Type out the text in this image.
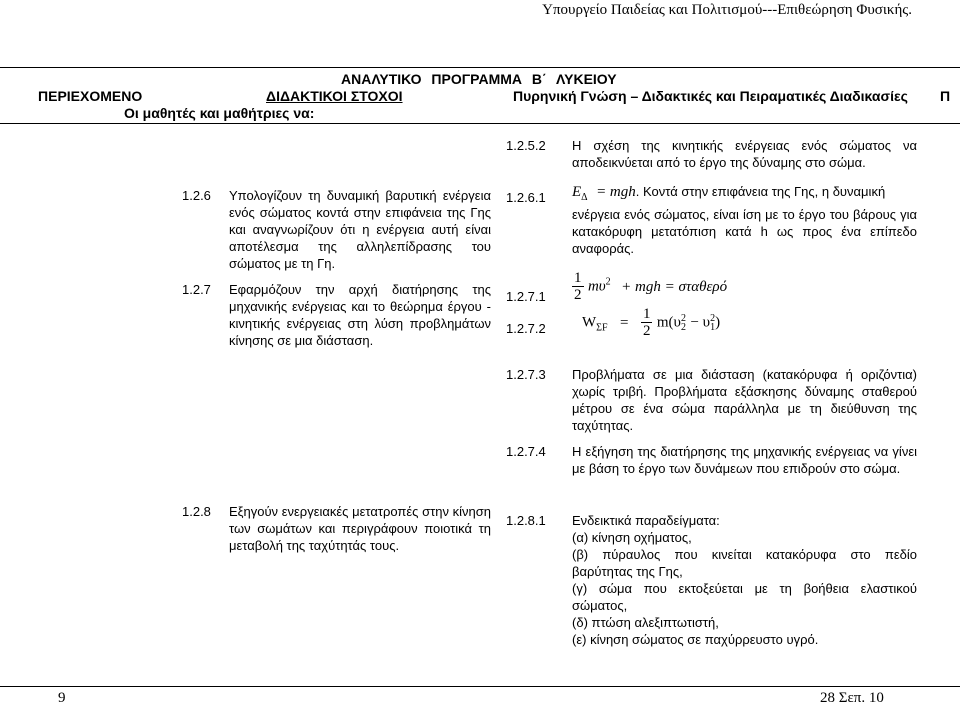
Υπουργείο Παιδείας και Πολιτισμού---Επιθεώρηση Φυσικής.
ΑΝΑΛΥΤΙΚΟ ΠΡΟΓΡΑΜΜΑ Β΄ ΛΥΚΕΙΟΥ
ΠΕΡΙΕΧΟΜΕΝΟ	ΔΙΔΑΚΤΙΚΟΙ ΣΤΟΧΟΙ	Πυρηνική Γνώση – Διδακτικές και Πειραματικές Διαδικασίες Π
Οι μαθητές και μαθήτριες να:
1.2.5.2 Η σχέση της κινητικής ενέργειας ενός σώματος να αποδεικνύεται από το έργο της δύναμης στο σώμα.
1.2.6 Υπολογίζουν τη δυναμική βαρυτική ενέργεια ενός σώματος κοντά στην επιφάνεια της Γης και αναγνωρίζουν ότι η ενέργεια αυτή είναι αποτέλεσμα της αλληλεπίδρασης του σώματος με τη Γη.
1.2.6.1 $E_\Delta$ = mgh. Κοντά στην επιφάνεια της Γης, η δυναμική
ενέργεια ενός σώματος, είναι ίση με το έργο του βάρους για κατακόρυφη μετατόπιση κατά h ως προς ένα επίπεδο αναφοράς.
1.2.7 Εφαρμόζουν την αρχή διατήρησης της μηχανικής ενέργειας και το θεώρημα έργου - κινητικής ενέργειας στη λύση προβλημάτων κίνησης σε μια διάσταση.
$1.2.7.1 \frac{1}{2} m\upsilon^2$ + mgh = σταθερό
1.2.7.2 $W_{\Sigma F} = \frac{1}{2} m(\upsilon$ 2
2 − υ 2
1 )
1.2.7.3 Προβλήματα σε μια διάσταση (κατακόρυφα ή οριζόντια) χωρίς τριβή. Προβλήματα εξάσκησης δύναμης σταθερού μέτρου σε ένα σώμα παράλληλα με τη διεύθυνση της ταχύτητας.
1.2.7.4 Η εξήγηση της διατήρησης της μηχανικής ενέργειας να γίνει με βάση το έργο των δυνάμεων που επιδρούν στο σώμα.
1.2.8 Εξηγούν ενεργειακές μετατροπές στην κίνηση των σωμάτων και περιγράφουν ποιοτικά τη μεταβολή της ταχύτητάς τους.
1.2.8.1 Ενδεικτικά παραδείγματα:
(α) κίνηση οχήματος,
(β) πύραυλος που κινείται κατακόρυφα στο πεδίο βαρύτητας της Γης,
(γ) σώμα που εκτοξεύεται με τη βοήθεια ελαστικού σώματος,
(δ) πτώση αλεξιπτωτιστή,
(ε) κίνηση σώματος σε παχύρρευστο υγρό.
9	28 Σεπ. 10
